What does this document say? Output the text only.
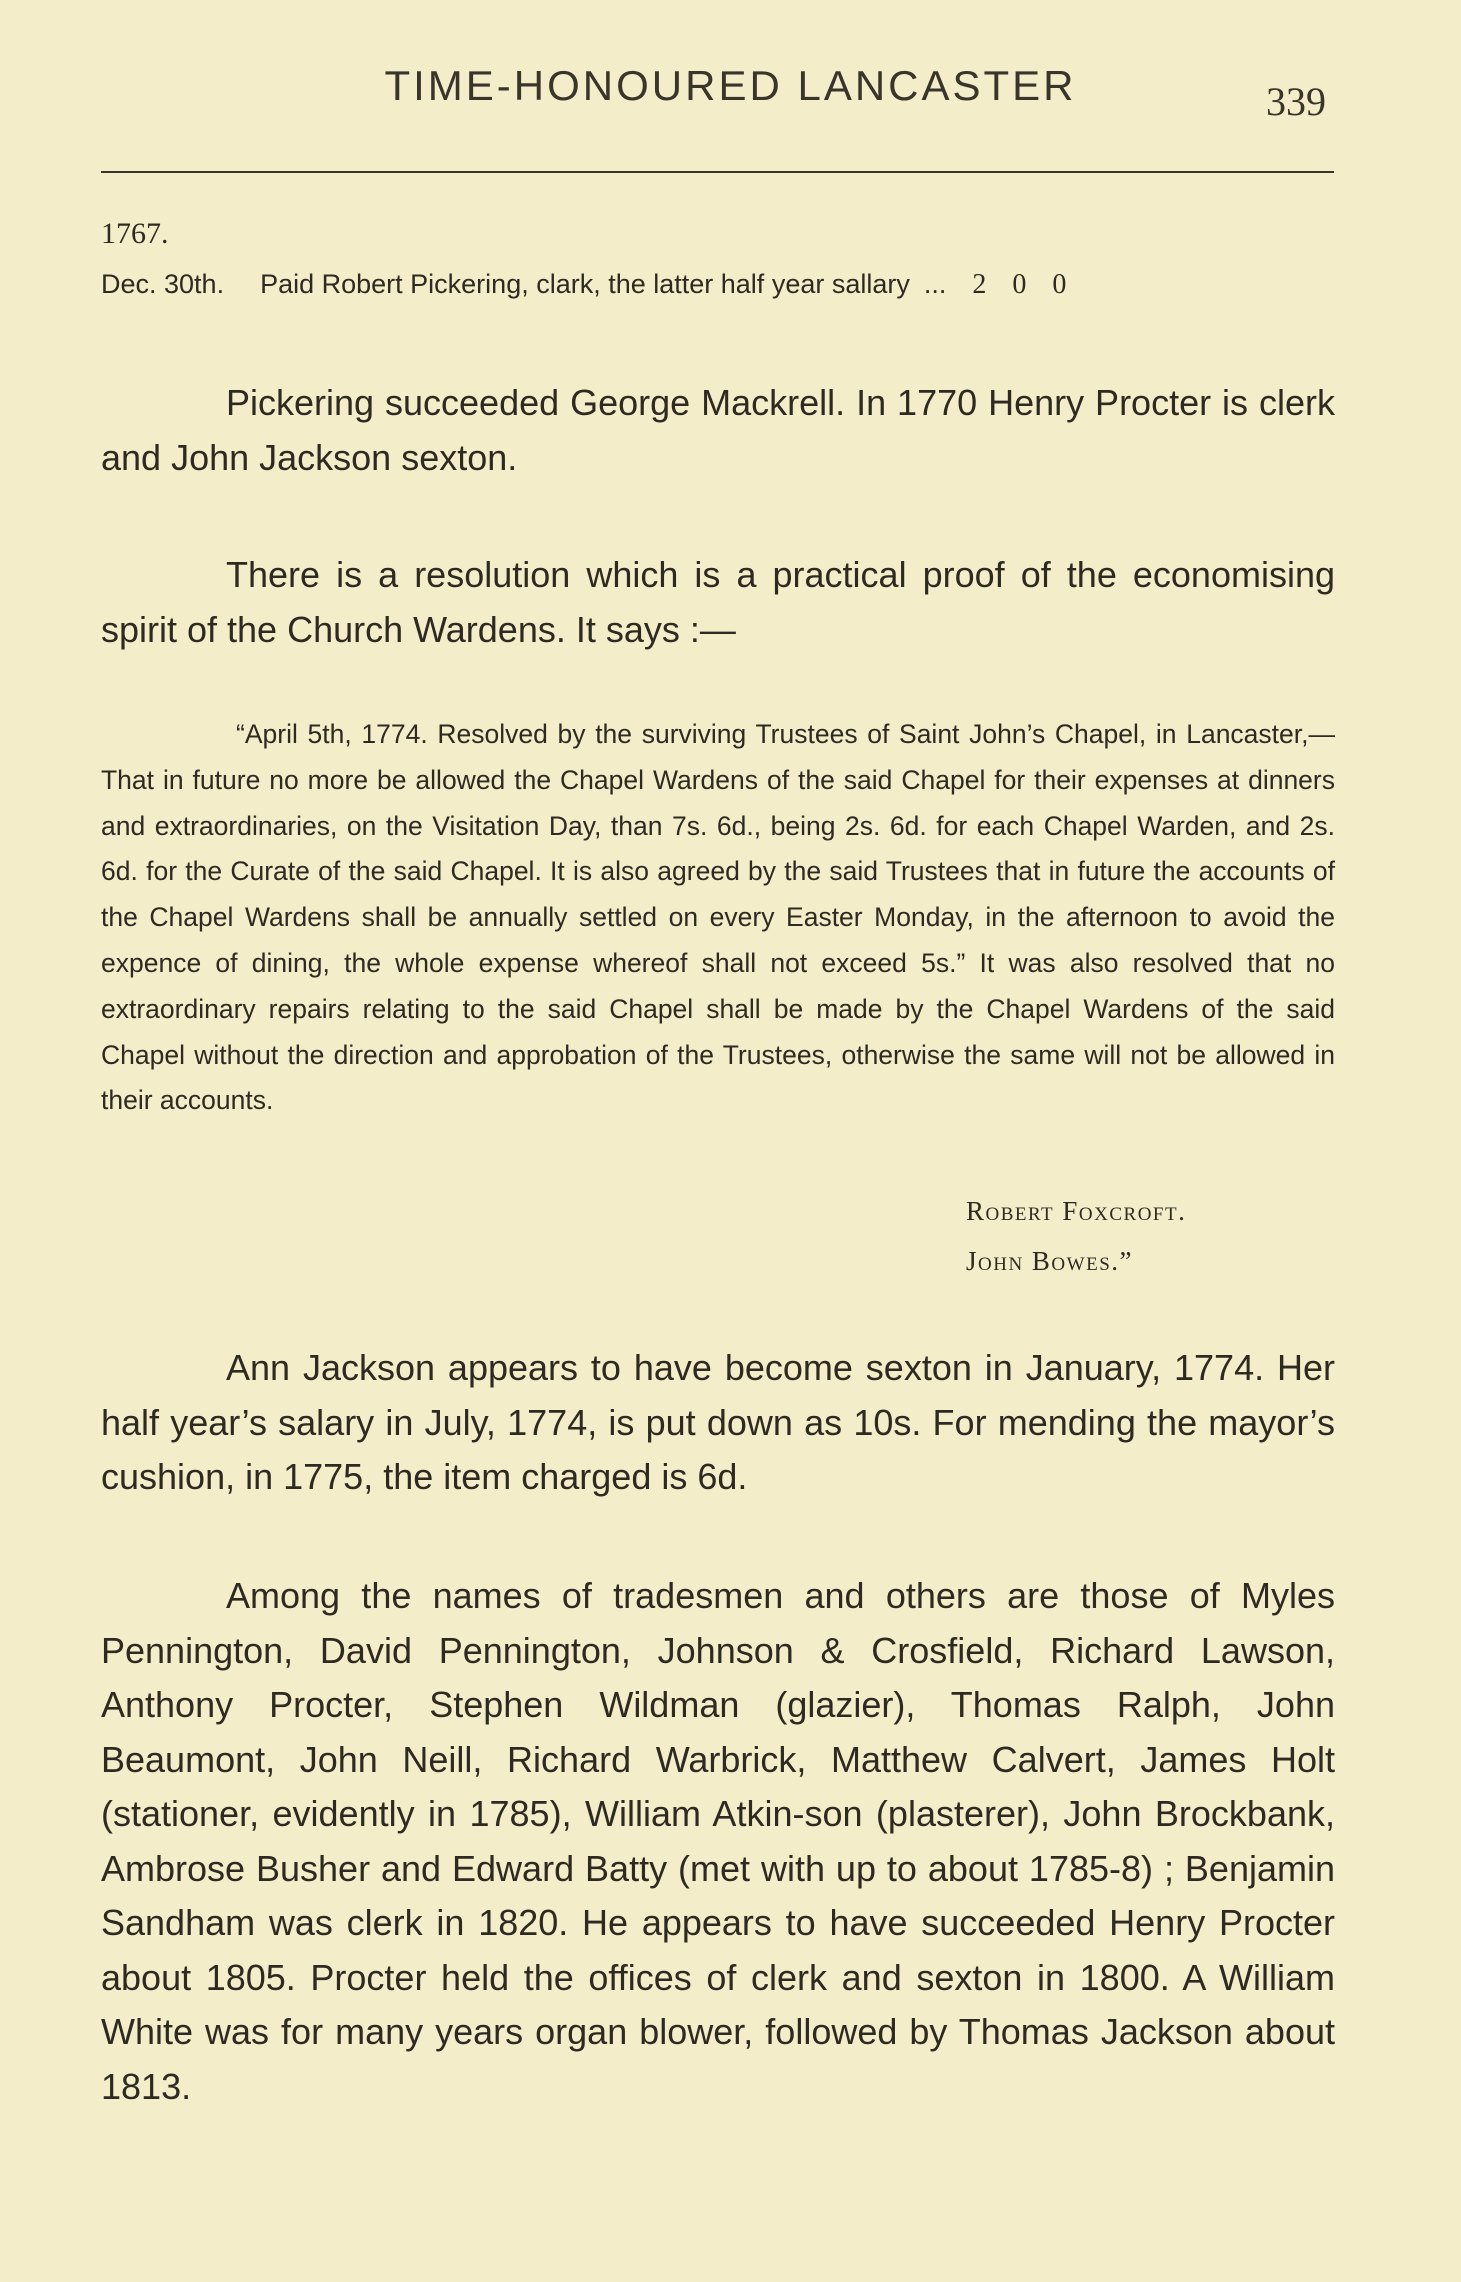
TIME-HONOURED LANCASTER	339
1767.
Dec. 30th. Paid Robert Pickering, clark, the latter half year sallary ... 2 0 0

Pickering succeeded George Mackrell. In 1770 Henry Procter is clerk and John Jackson sexton.

There is a resolution which is a practical proof of the economising spirit of the Church Wardens. It says :—

“April 5th, 1774. Resolved by the surviving Trustees of Saint John’s Chapel, in Lancaster,—That in future no more be allowed the Chapel Wardens of the said Chapel for their expenses at dinners and extraordinaries, on the Visitation Day, than 7s. 6d., being 2s. 6d. for each Chapel Warden, and 2s. 6d. for the Curate of the said Chapel. It is also agreed by the said Trustees that in future the accounts of the Chapel Wardens shall be annually settled on every Easter Monday, in the afternoon to avoid the expence of dining, the whole expense whereof shall not exceed 5s.” It was also resolved that no extraordinary repairs relating to the said Chapel shall be made by the Chapel Wardens of the said Chapel without the direction and approbation of the Trustees, otherwise the same will not be allowed in their accounts.

Robert Foxcroft.
John Bowes.”

Ann Jackson appears to have become sexton in January, 1774. Her half year’s salary in July, 1774, is put down as 10s. For mending the mayor’s cushion, in 1775, the item charged is 6d.

Among the names of tradesmen and others are those of Myles Pennington, David Pennington, Johnson & Crosfield, Richard Lawson, Anthony Procter, Stephen Wildman (glazier), Thomas Ralph, John Beaumont, John Neill, Richard Warbrick, Matthew Calvert, James Holt (stationer, evidently in 1785), William Atkin-son (plasterer), John Brockbank, Ambrose Busher and Edward Batty (met with up to about 1785-8) ; Benjamin Sandham was clerk in 1820. He appears to have succeeded Henry Procter about 1805. Procter held the offices of clerk and sexton in 1800. A William White was for many years organ blower, followed by Thomas Jackson about 1813.
